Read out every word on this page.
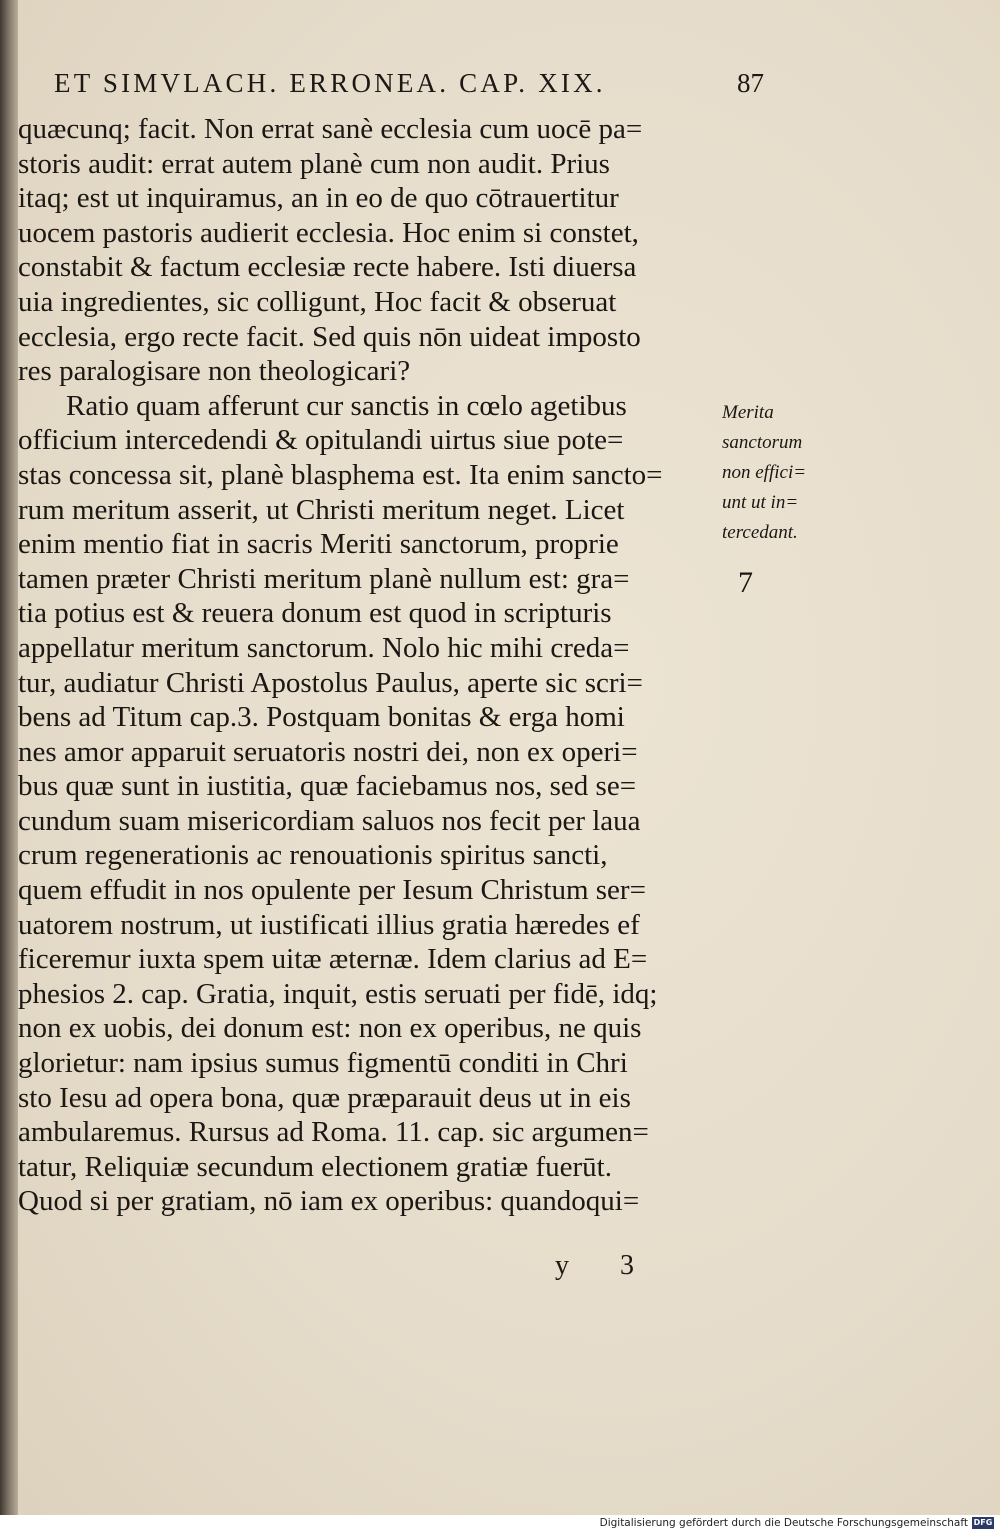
ET SIMVLACH. ERRONEA. CAP. XIX.	87
quæcunq; facit. Non errat sanè ecclesia cum uocē pa=
storis audit: errat autem planè cum non audit. Prius
itaq; est ut inquiramus, an in eo de quo cōtrauertitur
uocem pastoris audierit ecclesia. Hoc enim si constet,
constabit & factum ecclesiæ recte habere. Isti diuersa
uia ingredientes, sic colligunt, Hoc facit & obseruat
ecclesia, ergo recte facit. Sed quis nōn uideat imposto
res paralogisare non theologicari?
Ratio quam afferunt cur sanctis in cœlo agetibus
officium intercedendi & opitulandi uirtus siue pote=
stas concessa sit, planè blasphema est. Ita enim sancto=
rum meritum asserit, ut Christi meritum neget. Licet
enim mentio fiat in sacris Meriti sanctorum, proprie
tamen præter Christi meritum planè nullum est: gra=
tia potius est & reuera donum est quod in scripturis
appellatur meritum sanctorum. Nolo hic mihi creda=
tur, audiatur Christi Apostolus Paulus, aperte sic scri=
bens ad Titum cap.3. Postquam bonitas & erga homi
nes amor apparuit seruatoris nostri dei, non ex operi=
bus quæ sunt in iustitia, quæ faciebamus nos, sed se=
cundum suam misericordiam saluos nos fecit per laua
crum regenerationis ac renouationis spiritus sancti,
quem effudit in nos opulente per Iesum Christum ser=
uatorem nostrum, ut iustificati illius gratia hæredes ef
ficeremur iuxta spem uitæ æternæ. Idem clarius ad E=
phesios 2. cap. Gratia, inquit, estis seruati per fidē, idq;
non ex uobis, dei donum est: non ex operibus, ne quis
glorietur: nam ipsius sumus figmentū conditi in Chri
sto Iesu ad opera bona, quæ præparauit deus ut in eis
ambularemus. Rursus ad Roma. 11. cap. sic argumen=
tatur, Reliquiæ secundum electionem gratiæ fuerūt.
Quod si per gratiam, nō iam ex operibus: quandoqui=
Merita
sanctorum
non effici=
unt ut in=
tercedant.
7
y 3
Digitalisierung gefördert durch die Deutsche Forschungsgemeinschaft DFG
